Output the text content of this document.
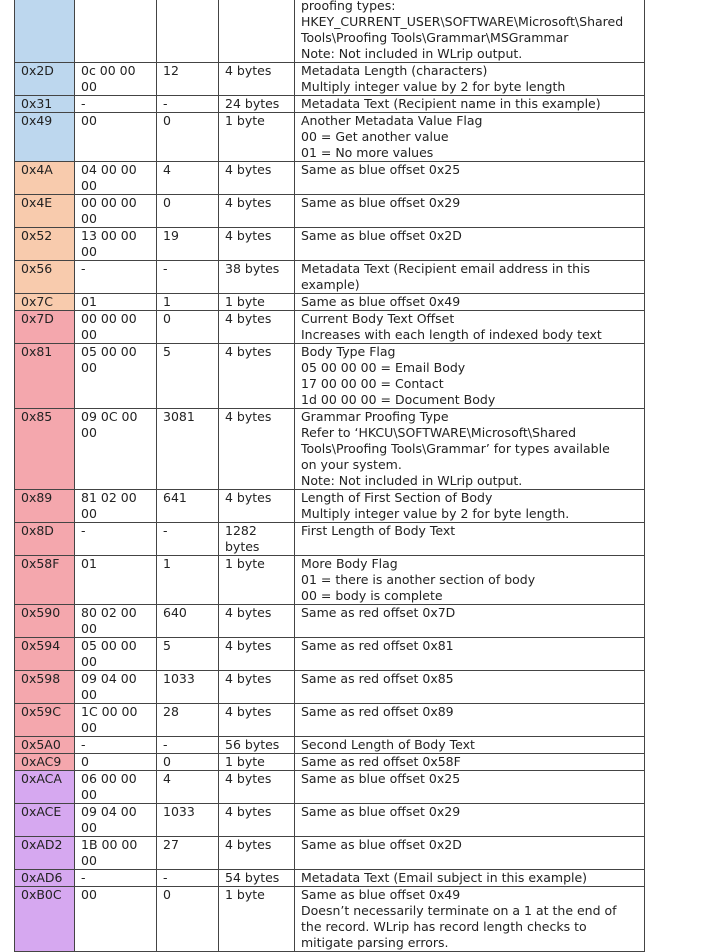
				proofing types:
HKEY_CURRENT_USER\SOFTWARE\Microsoft\Shared
Tools\Proofing Tools\Grammar\MSGrammar
Note: Not included in WLrip output.

0x2D	0c 00 00 00	12	4 bytes	Metadata Length (characters)
Multiply integer value by 2 for byte length

0x31	-	-	24 bytes	Metadata Text (Recipient name in this example)

0x49	00	0	1 byte	Another Metadata Value Flag
00 = Get another value
01 = No more values

0x4A	04 00 00 00	4	4 bytes	Same as blue offset 0x25

0x4E	00 00 00 00	0	4 bytes	Same as blue offset 0x29

0x52	13 00 00 00	19	4 bytes	Same as blue offset 0x2D

0x56	-	-	38 bytes	Metadata Text (Recipient email address in this
example)

0x7C	01	1	1 byte	Same as blue offset 0x49

0x7D	00 00 00 00	0	4 bytes	Current Body Text Offset
Increases with each length of indexed body text

0x81	05 00 00 00	5	4 bytes	Body Type Flag
05 00 00 00 = Email Body
17 00 00 00 = Contact
1d 00 00 00 = Document Body

0x85	09 0C 00 00	3081	4 bytes	Grammar Proofing Type
Refer to ‘HKCU\SOFTWARE\Microsoft\Shared
Tools\Proofing Tools\Grammar’ for types available
on your system.
Note: Not included in WLrip output.

0x89	81 02 00 00	641	4 bytes	Length of First Section of Body
Multiply integer value by 2 for byte length.

0x8D	-	-	1282 bytes	First Length of Body Text

0x58F	01	1	1 byte	More Body Flag
01 = there is another section of body
00 = body is complete

0x590	80 02 00 00	640	4 bytes	Same as red offset 0x7D

0x594	05 00 00 00	5	4 bytes	Same as red offset 0x81

0x598	09 04 00 00	1033	4 bytes	Same as red offset 0x85

0x59C	1C 00 00 00	28	4 bytes	Same as red offset 0x89

0x5A0	-	-	56 bytes	Second Length of Body Text

0xAC9	0	0	1 byte	Same as red offset 0x58F

0xACA	06 00 00 00	4	4 bytes	Same as blue offset 0x25

0xACE	09 04 00 00	1033	4 bytes	Same as blue offset 0x29

0xAD2	1B 00 00 00	27	4 bytes	Same as blue offset 0x2D

0xAD6	-	-	54 bytes	Metadata Text (Email subject in this example)

0xB0C	00	0	1 byte	Same as blue offset 0x49
Doesn’t necessarily terminate on a 1 at the end of
the record. WLrip has record length checks to
mitigate parsing errors.
